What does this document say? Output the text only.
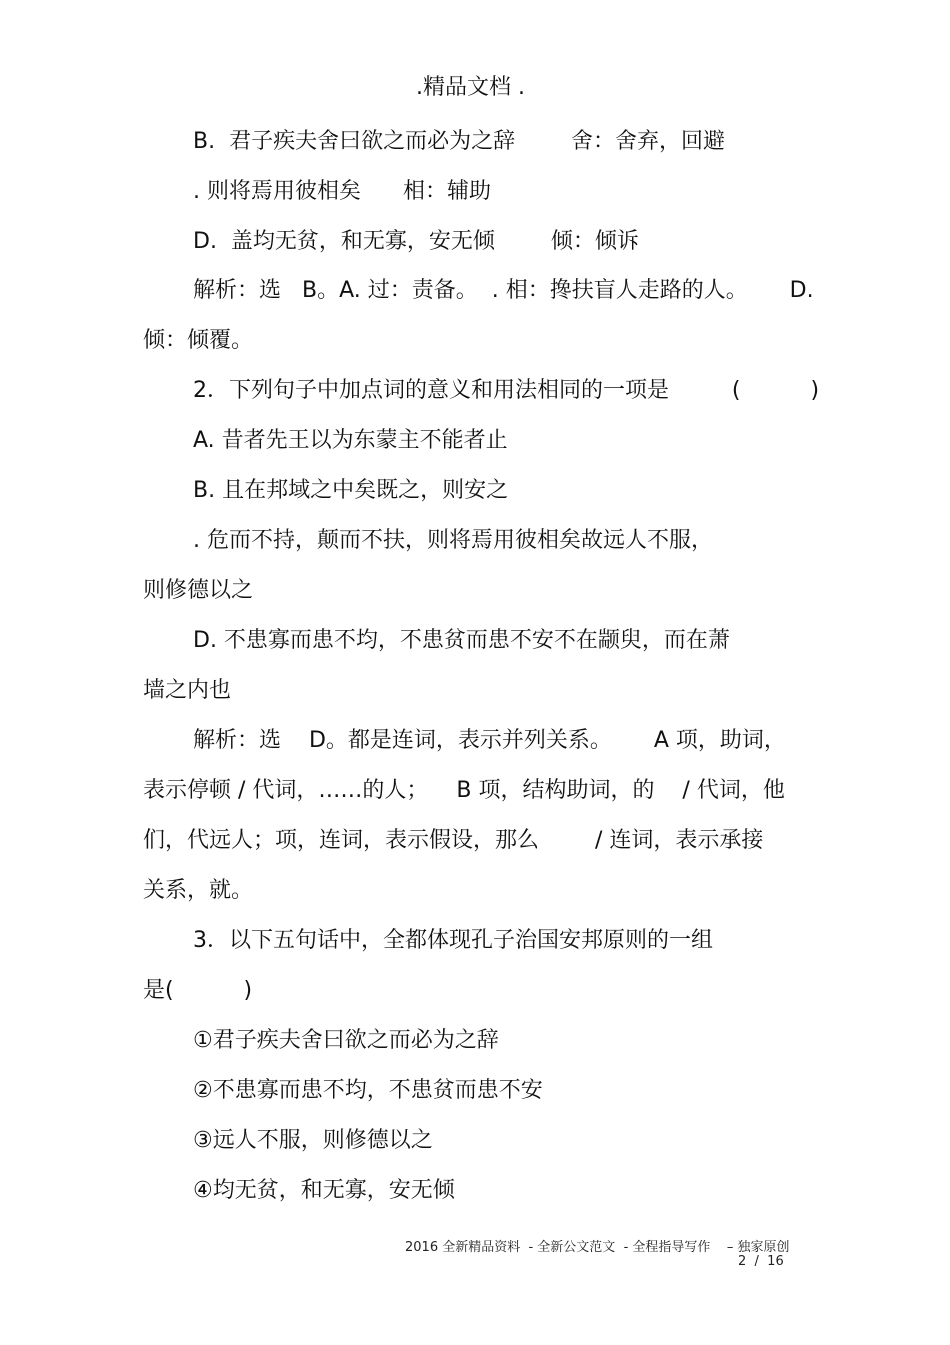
.精品文档 .
B.  君子疾夫舍曰欲之而必为之辞        舍：舍弃，回避
. 则将焉用彼相矣      相：辅助
D.  盖均无贫，和无寡，安无倾        倾：倾诉
解析：选   B。A. 过：责备。  . 相：搀扶盲人走路的人。      D.
倾：倾覆。
2．下列句子中加点词的意义和用法相同的一项是         (          )
A. 昔者先王以为东蒙主不能者止
B. 且在邦域之中矣既之，则安之
. 危而不持，颠而不扶，则将焉用彼相矣故远人不服，
则修德以之
D. 不患寡而患不均，不患贫而患不安不在颛臾，而在萧
墙之内也
解析：选    D。都是连词，表示并列关系。      A 项，助词，
表示停顿 / 代词，……的人；    B 项，结构助词，的    / 代词，他
们，代远人；项，连词，表示假设，那么        / 连词，表示承接
关系，就。
3．以下五句话中，全都体现孔子治国安邦原则的一组
是(          )
①君子疾夫舍曰欲之而必为之辞
②不患寡而患不均，不患贫而患不安
③远人不服，则修德以之
④均无贫，和无寡，安无倾
2016 全新精品资料  - 全新公文范文  - 全程指导写作    – 独家原创
2  /  16
